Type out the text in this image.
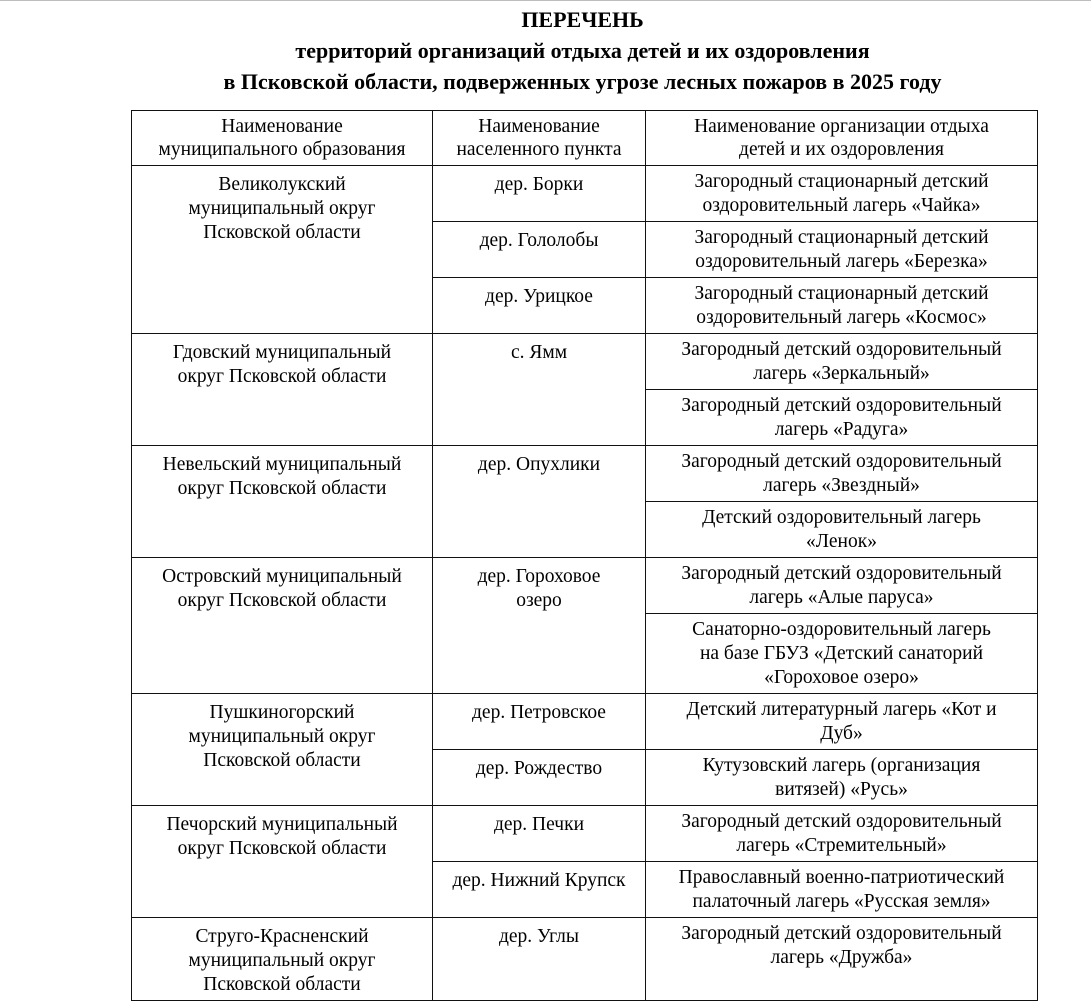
ПЕРЕЧЕНЬ
территорий организаций отдыха детей и их оздоровления
в Псковской области, подверженных угрозе лесных пожаров в 2025 году
Наименование
муниципального образования	Наименование
населенного пункта	Наименование организации отдыха
детей и их оздоровления

Великолукский
муниципальный округ
Псковской области	дер. Борки	Загородный стационарный детский
оздоровительный лагерь «Чайка»

	дер. Гололобы	Загородный стационарный детский
оздоровительный лагерь «Березка»

	дер. Урицкое	Загородный стационарный детский
оздоровительный лагерь «Космос»

Гдовский муниципальный
округ Псковской области	с. Ямм	Загородный детский оздоровительный
лагерь «Зеркальный»

		Загородный детский оздоровительный
лагерь «Радуга»

Невельский муниципальный
округ Псковской области	дер. Опухлики	Загородный детский оздоровительный
лагерь «Звездный»

		Детский оздоровительный лагерь
«Ленок»

Островский муниципальный
округ Псковской области	дер. Гороховое
озеро	Загородный детский оздоровительный
лагерь «Алые паруса»

		Санаторно-оздоровительный лагерь
на базе ГБУЗ «Детский санаторий
«Гороховое озеро»

Пушкиногорский
муниципальный округ
Псковской области	дер. Петровское	Детский литературный лагерь «Кот и
Дуб»

	дер. Рождество	Кутузовский лагерь (организация
витязей) «Русь»

Печорский муниципальный
округ Псковской области	дер. Печки	Загородный детский оздоровительный
лагерь «Стремительный»

	дер. Нижний Крупск	Православный военно-патриотический
палаточный лагерь «Русская земля»

Струго-Красненский
муниципальный округ
Псковской области	дер. Углы	Загородный детский оздоровительный
лагерь «Дружба»
